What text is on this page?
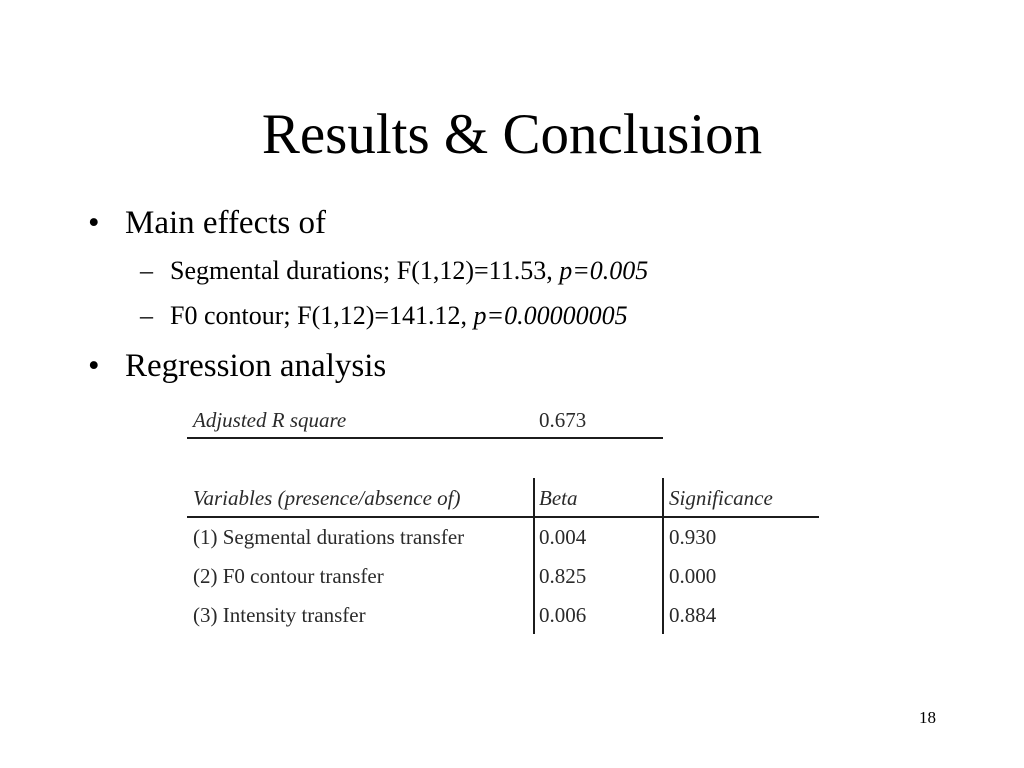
Results & Conclusion
• Main effects of
– Segmental durations; F(1,12)=11.53, p=0.005
– F0 contour; F(1,12)=141.12, p=0.00000005
• Regression analysis
Adjusted R square	0.673
Variables (presence/absence of)	Beta	Significance
(1) Segmental durations transfer	0.004	0.930
(2) F0 contour transfer	0.825	0.000
(3) Intensity transfer	0.006	0.884
18
